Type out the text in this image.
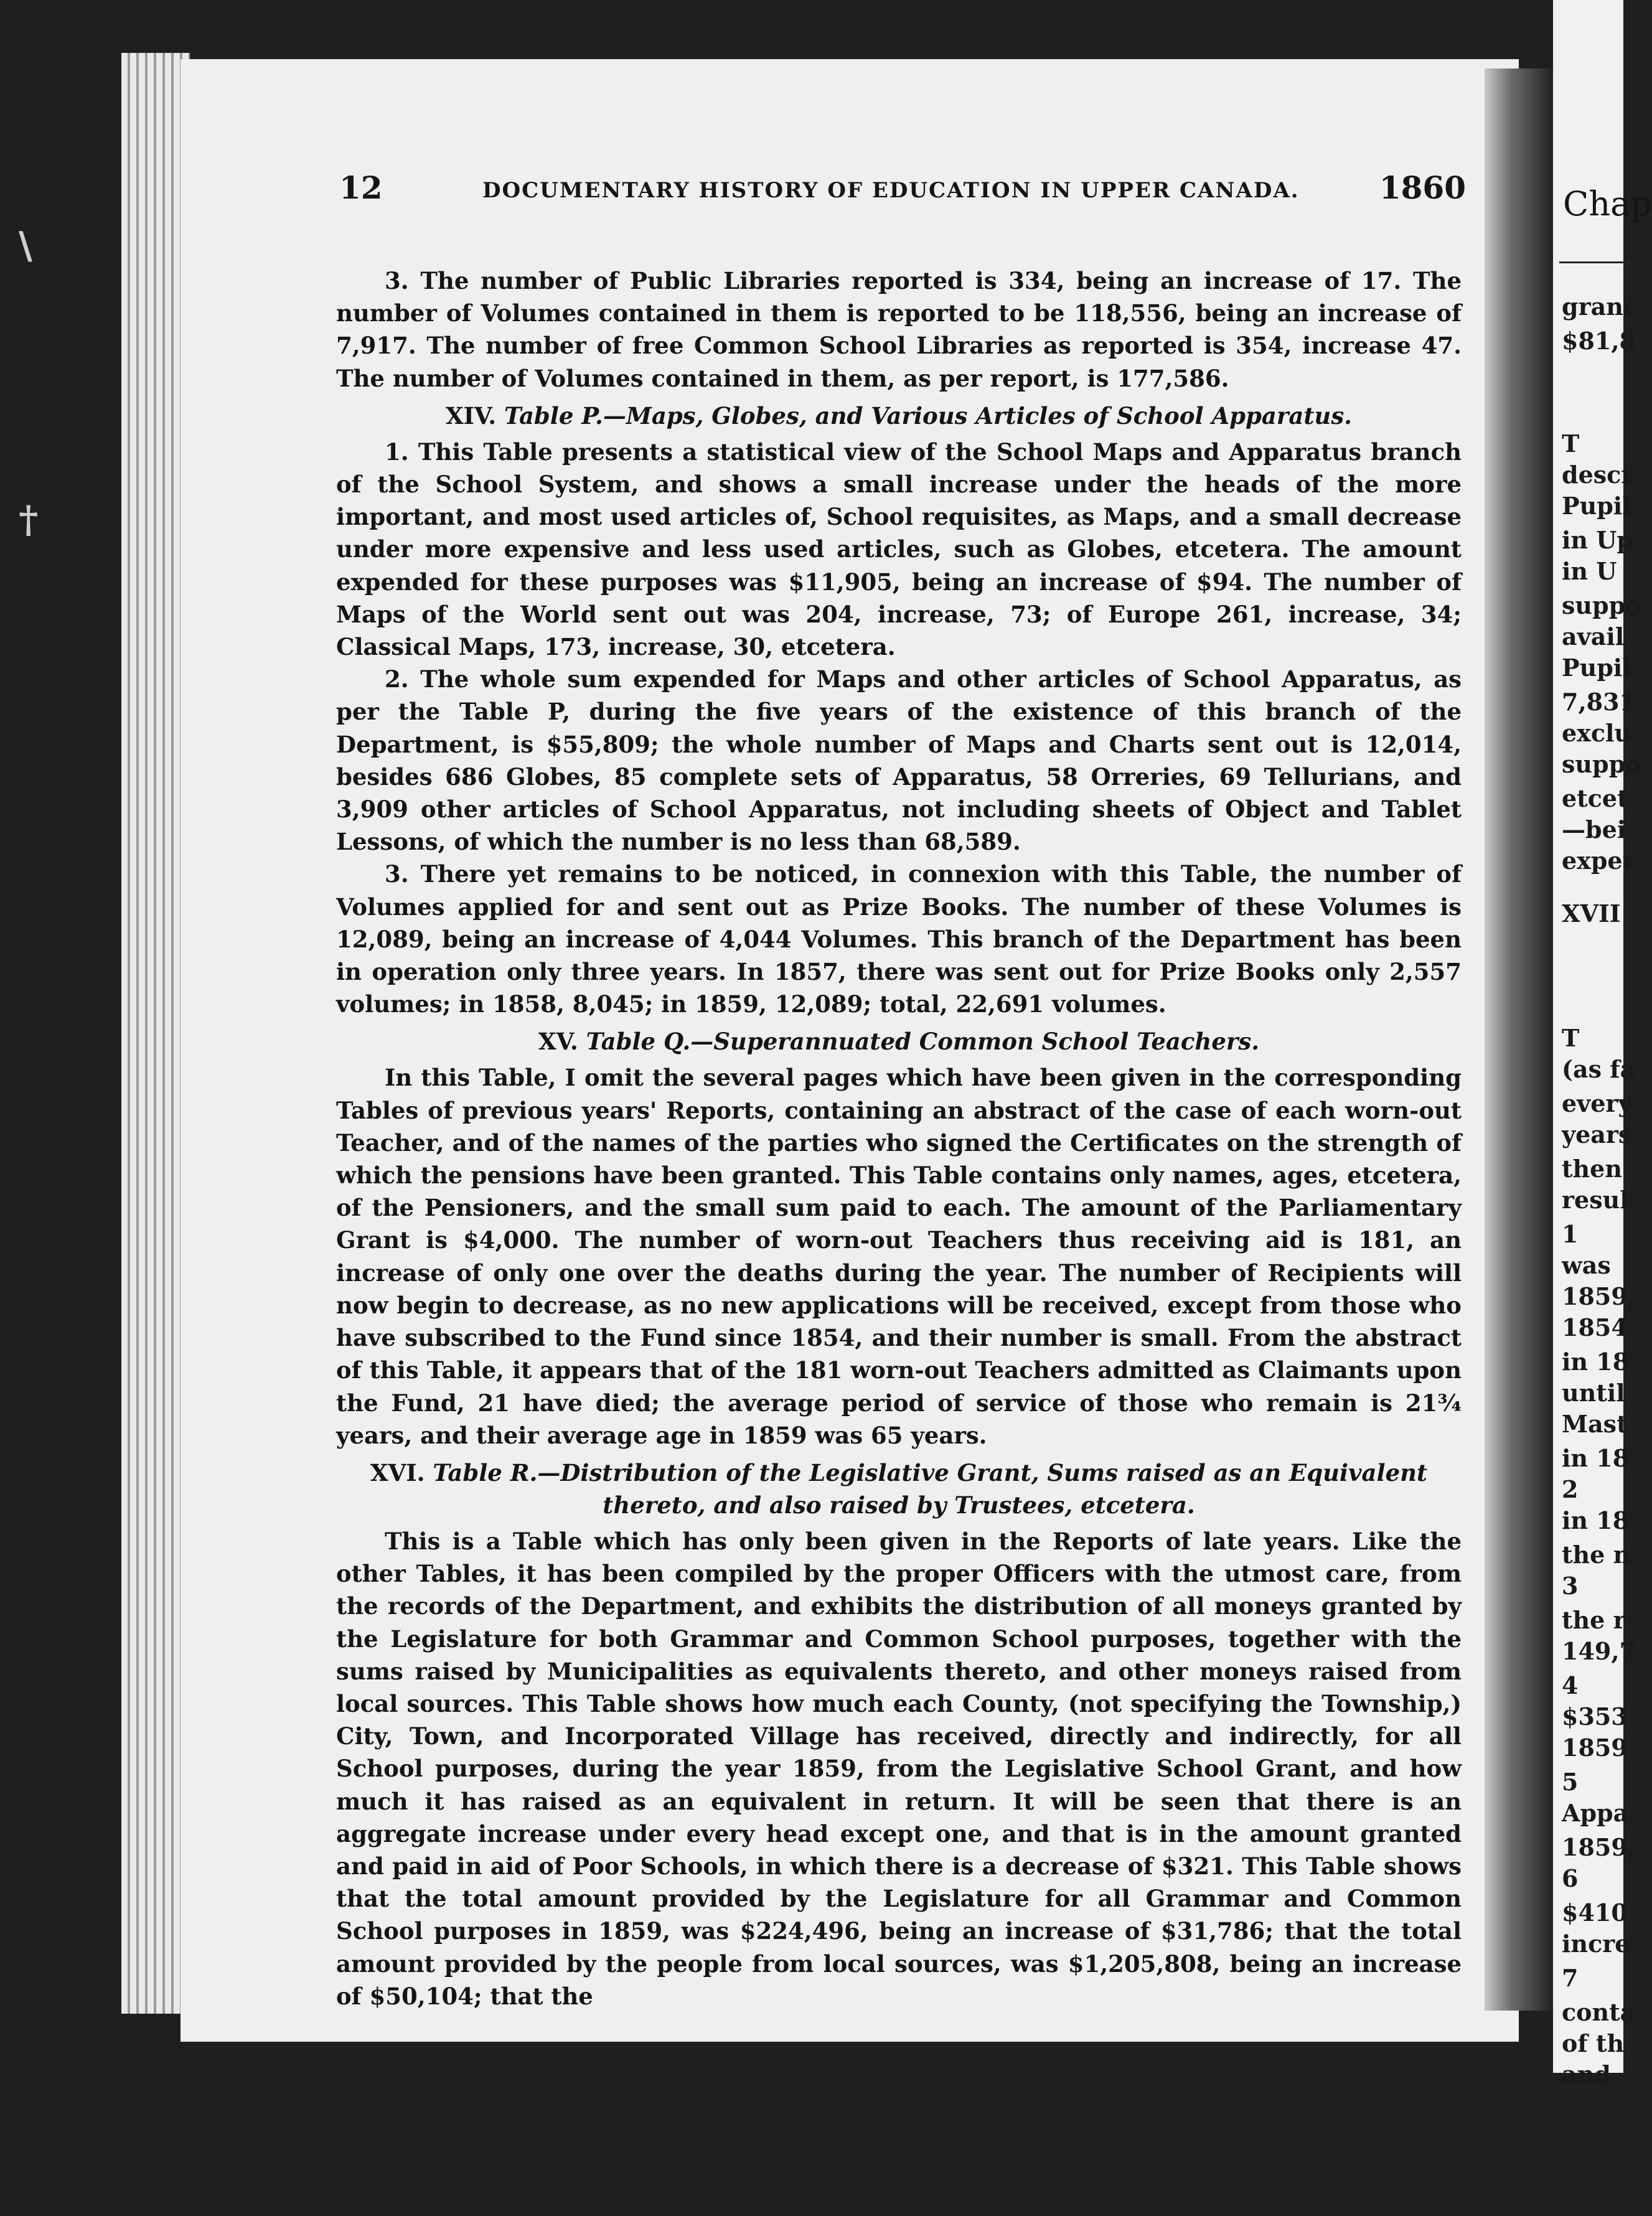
\
†
Chap
granc
$81,8
T
descr
Pupil
in Up
in U
suppo
avail
Pupil
7,831
exclu
suppo
etcet
—bei
exper
XVII
T
(as fa
every
years
then
resul
1
was
1859,
1854
in 18
until
Mast
in 18
2
in 18
the n
3
the r
149,7
4
$353
1859
5
Appa
1859,
6
$410
incre
7
conta
of th
and
12	DOCUMENTARY HISTORY OF EDUCATION IN UPPER CANADA.	1860

3. The number of Public Libraries reported is 334, being an increase of 17. The number of Volumes contained in them is reported to be 118,556, being an increase of 7,917. The number of free Common School Libraries as reported is 354, increase 47. The number of Volumes contained in them, as per report, is 177,586.

XIV. Table P.—Maps, Globes, and Various Articles of School Apparatus.

1. This Table presents a statistical view of the School Maps and Apparatus branch of the School System, and shows a small increase under the heads of the more important, and most used articles of, School requisites, as Maps, and a small decrease under more expensive and less used articles, such as Globes, etcetera. The amount expended for these purposes was $11,905, being an increase of $94. The number of Maps of the World sent out was 204, increase, 73; of Europe 261, increase, 34; Classical Maps, 173, increase, 30, etcetera.

2. The whole sum expended for Maps and other articles of School Apparatus, as per the Table P, during the five years of the existence of this branch of the Department, is $55,809; the whole number of Maps and Charts sent out is 12,014, besides 686 Globes, 85 complete sets of Apparatus, 58 Orreries, 69 Tellurians, and 3,909 other articles of School Apparatus, not including sheets of Object and Tablet Lessons, of which the number is no less than 68,589.

3. There yet remains to be noticed, in connexion with this Table, the number of Volumes applied for and sent out as Prize Books. The number of these Volumes is 12,089, being an increase of 4,044 Volumes. This branch of the Department has been in operation only three years. In 1857, there was sent out for Prize Books only 2,557 volumes; in 1858, 8,045; in 1859, 12,089; total, 22,691 volumes.

XV. Table Q.—Superannuated Common School Teachers.

In this Table, I omit the several pages which have been given in the corresponding Tables of previous years' Reports, containing an abstract of the case of each worn-out Teacher, and of the names of the parties who signed the Certificates on the strength of which the pensions have been granted. This Table contains only names, ages, etcetera, of the Pensioners, and the small sum paid to each. The amount of the Parliamentary Grant is $4,000. The number of worn-out Teachers thus receiving aid is 181, an increase of only one over the deaths during the year. The number of Recipients will now begin to decrease, as no new applications will be received, except from those who have subscribed to the Fund since 1854, and their number is small. From the abstract of this Table, it appears that of the 181 worn-out Teachers admitted as Claimants upon the Fund, 21 have died; the average period of service of those who remain is 21¾ years, and their average age in 1859 was 65 years.

XVI. Table R.—Distribution of the Legislative Grant, Sums raised as an Equivalent thereto, and also raised by Trustees, etcetera.

This is a Table which has only been given in the Reports of late years. Like the other Tables, it has been compiled by the proper Officers with the utmost care, from the records of the Department, and exhibits the distribution of all moneys granted by the Legislature for both Grammar and Common School purposes, together with the sums raised by Municipalities as equivalents thereto, and other moneys raised from local sources. This Table shows how much each County, (not specifying the Township,) City, Town, and Incorporated Village has received, directly and indirectly, for all School purposes, during the year 1859, from the Legislative School Grant, and how much it has raised as an equivalent in return. It will be seen that there is an aggregate increase under every head except one, and that is in the amount granted and paid in aid of Poor Schools, in which there is a decrease of $321. This Table shows that the total amount provided by the Legislature for all Grammar and Common School purposes in 1859, was $224,496, being an increase of $31,786; that the total amount provided by the people from local sources, was $1,205,808, being an increase of $50,104; that the
